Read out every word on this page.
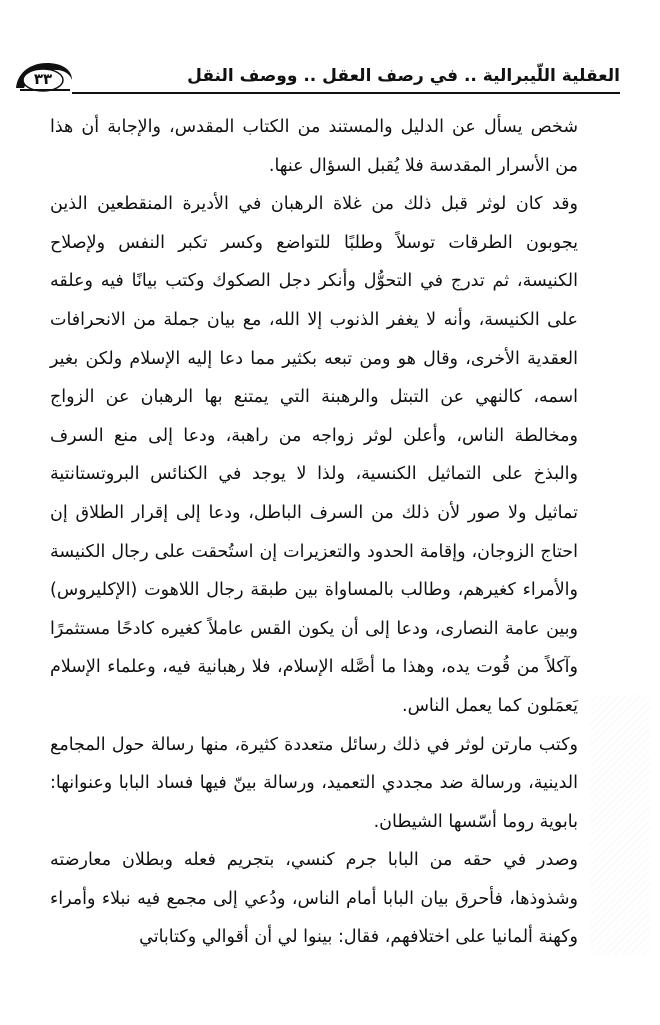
العقلية اللّيبرالية .. في رصف العقل .. ووصف النقل
٣٣

شخص يسأل عن الدليل والمستند من الكتاب المقدس، والإجابة أن هذا من الأسرار المقدسة فلا يُقبل السؤال عنها.

وقد كان لوثر قبل ذلك من غلاة الرهبان في الأديرة المنقطعين الذين يجوبون الطرقات توسلاً وطلبًا للتواضع وكسر تكبر النفس ولإصلاح الكنيسة، ثم تدرج في التحوُّل وأنكر دجل الصكوك وكتب بيانًا فيه وعلقه على الكنيسة، وأنه لا يغفر الذنوب إلا الله، مع بيان جملة من الانحرافات العقدية الأخرى، وقال هو ومن تبعه بكثير مما دعا إليه الإسلام ولكن بغير اسمه، كالنهي عن التبتل والرهبنة التي يمتنع بها الرهبان عن الزواج ومخالطة الناس، وأعلن لوثر زواجه من راهبة، ودعا إلى منع السرف والبذخ على التماثيل الكنسية، ولذا لا يوجد في الكنائس البروتستانتية تماثيل ولا صور لأن ذلك من السرف الباطل، ودعا إلى إقرار الطلاق إن احتاج الزوجان، وإقامة الحدود والتعزيرات إن استُحقت على رجال الكنيسة والأمراء كغيرهم، وطالب بالمساواة بين طبقة رجال اللاهوت (الإكليروس) وبين عامة النصارى، ودعا إلى أن يكون القس عاملاً كغيره كادحًا مستثمرًا وآكلاً من قُوت يده، وهذا ما أصَّله الإسلام، فلا رهبانية فيه، وعلماء الإسلام يَعمَلون كما يعمل الناس.

وكتب مارتن لوثر في ذلك رسائل متعددة كثيرة، منها رسالة حول المجامع الدينية، ورسالة ضد مجددي التعميد، ورسالة بينّ فيها فساد البابا وعنوانها: بابوية روما أسّسها الشيطان.

وصدر في حقه من البابا جرم كنسي، بتجريم فعله وبطلان معارضته وشذوذها، فأحرق بيان البابا أمام الناس، ودُعي إلى مجمع فيه نبلاء وأمراء وكهنة ألمانيا على اختلافهم، فقال: بينوا لي أن أقوالي وكتاباتي
